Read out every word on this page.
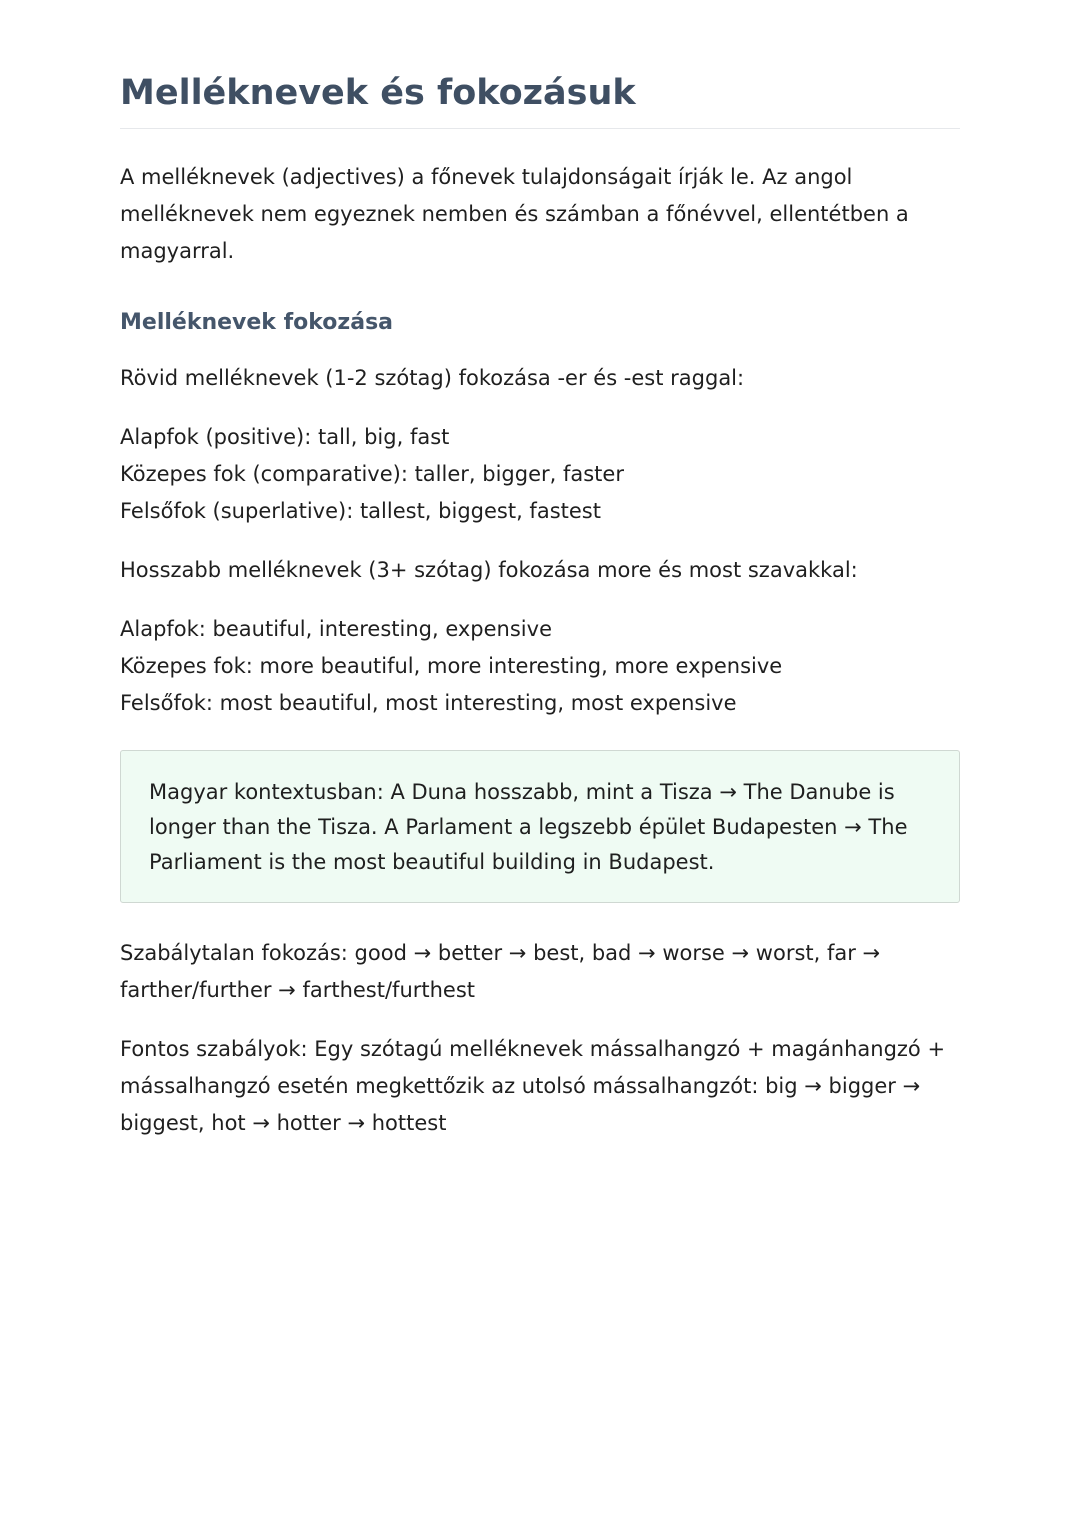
Melléknevek és fokozásuk

A melléknevek (adjectives) a főnevek tulajdonságait írják le. Az angol melléknevek nem egyeznek nemben és számban a főnévvel, ellentétben a magyarral.

Melléknevek fokozása

Rövid melléknevek (1-2 szótag) fokozása -er és -est raggal:

Alapfok (positive): tall, big, fast
Közepes fok (comparative): taller, bigger, faster
Felsőfok (superlative): tallest, biggest, fastest

Hosszabb melléknevek (3+ szótag) fokozása more és most szavakkal:

Alapfok: beautiful, interesting, expensive
Közepes fok: more beautiful, more interesting, more expensive
Felsőfok: most beautiful, most interesting, most expensive

Magyar kontextusban: A Duna hosszabb, mint a Tisza → The Danube is longer than the Tisza. A Parlament a legszebb épület Budapesten → The Parliament is the most beautiful building in Budapest.

Szabálytalan fokozás: good → better → best, bad → worse → worst, far → farther/further → farthest/furthest

Fontos szabályok: Egy szótagú melléknevek mássalhangzó + magánhangzó + mássalhangzó esetén megkettőzik az utolsó mássalhangzót: big → bigger → biggest, hot → hotter → hottest
